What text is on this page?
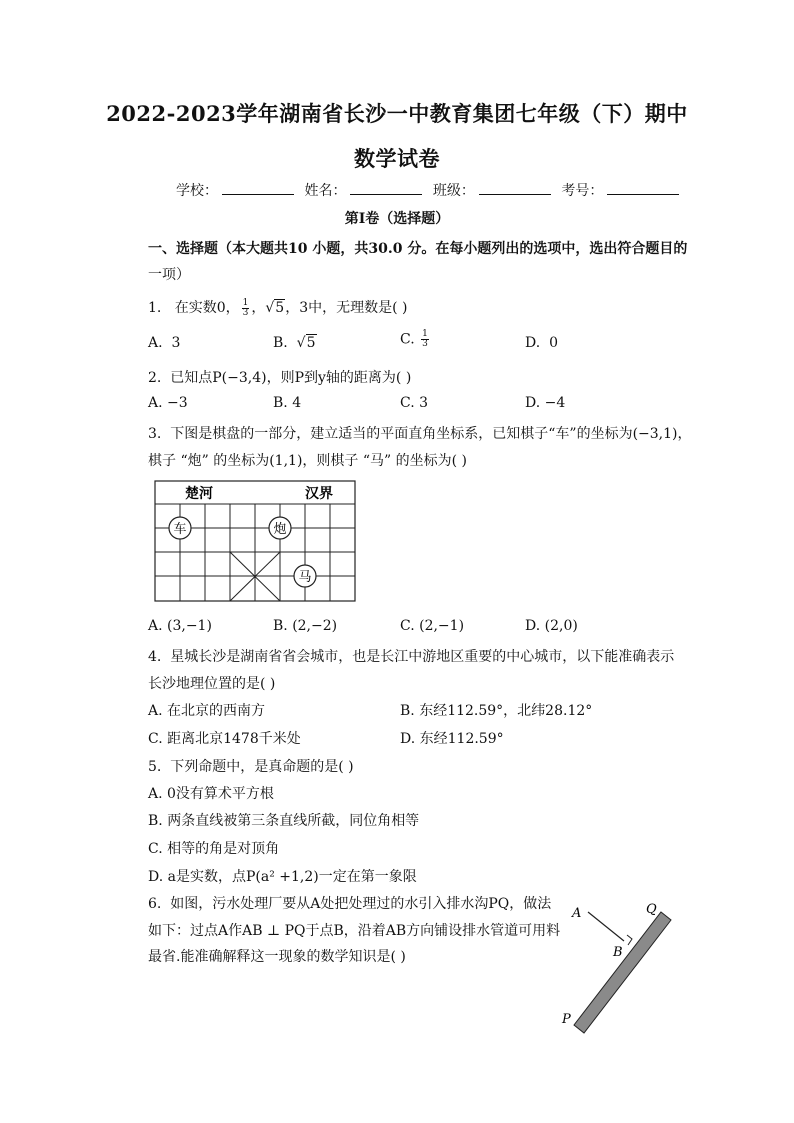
2022-2023学年湖南省长沙一中教育集团七年级（下）期中
数学试卷
学校：	姓名：	班级：	考号：
第I卷（选择题）
一、选择题（本大题共10 小题，共30.0 分。在每小题列出的选项中，选出符合题目的
一项）
1. 在实数0， $\frac{1}{3}$ ，√5，3中，无理数是( )
A. 3	B.  √5	C. $\frac{1}{3}$	D. 0
2. 已知点P(−3,4)，则P到y轴的距离为( )
A. −3	B. 4	C. 3	D. −4
3. 下图是棋盘的一部分，建立适当的平面直角坐标系，已知棋子“车”的坐标为(−3,1)，
棋子 “炮” 的坐标为(1,1)，则棋子 “马” 的坐标为( )
楚河	汉界
车	炮
马
A. (3,−1)	B. (2,−2)	C. (2,−1)	D. (2,0)
4. 星城长沙是湖南省省会城市，也是长江中游地区重要的中心城市，以下能准确表示
长沙地理位置的是( )
A. 在北京的西南方	B. 东经112.59°，北纬28.12°
C. 距离北京1478千米处	D. 东经112.59°
5. 下列命题中，是真命题的是( )
A. 0没有算术平方根
B. 两条直线被第三条直线所截，同位角相等
C. 相等的角是对顶角
D. a是实数，点P(a² +1,2)一定在第一象限
6. 如图，污水处理厂要从A处把处理过的水引入排水沟PQ，做法
如下：过点A作AB ⊥ PQ于点B，沿着AB方向铺设排水管道可用料
最省.能准确解释这一现象的数学知识是( )
A
B
Q
P
